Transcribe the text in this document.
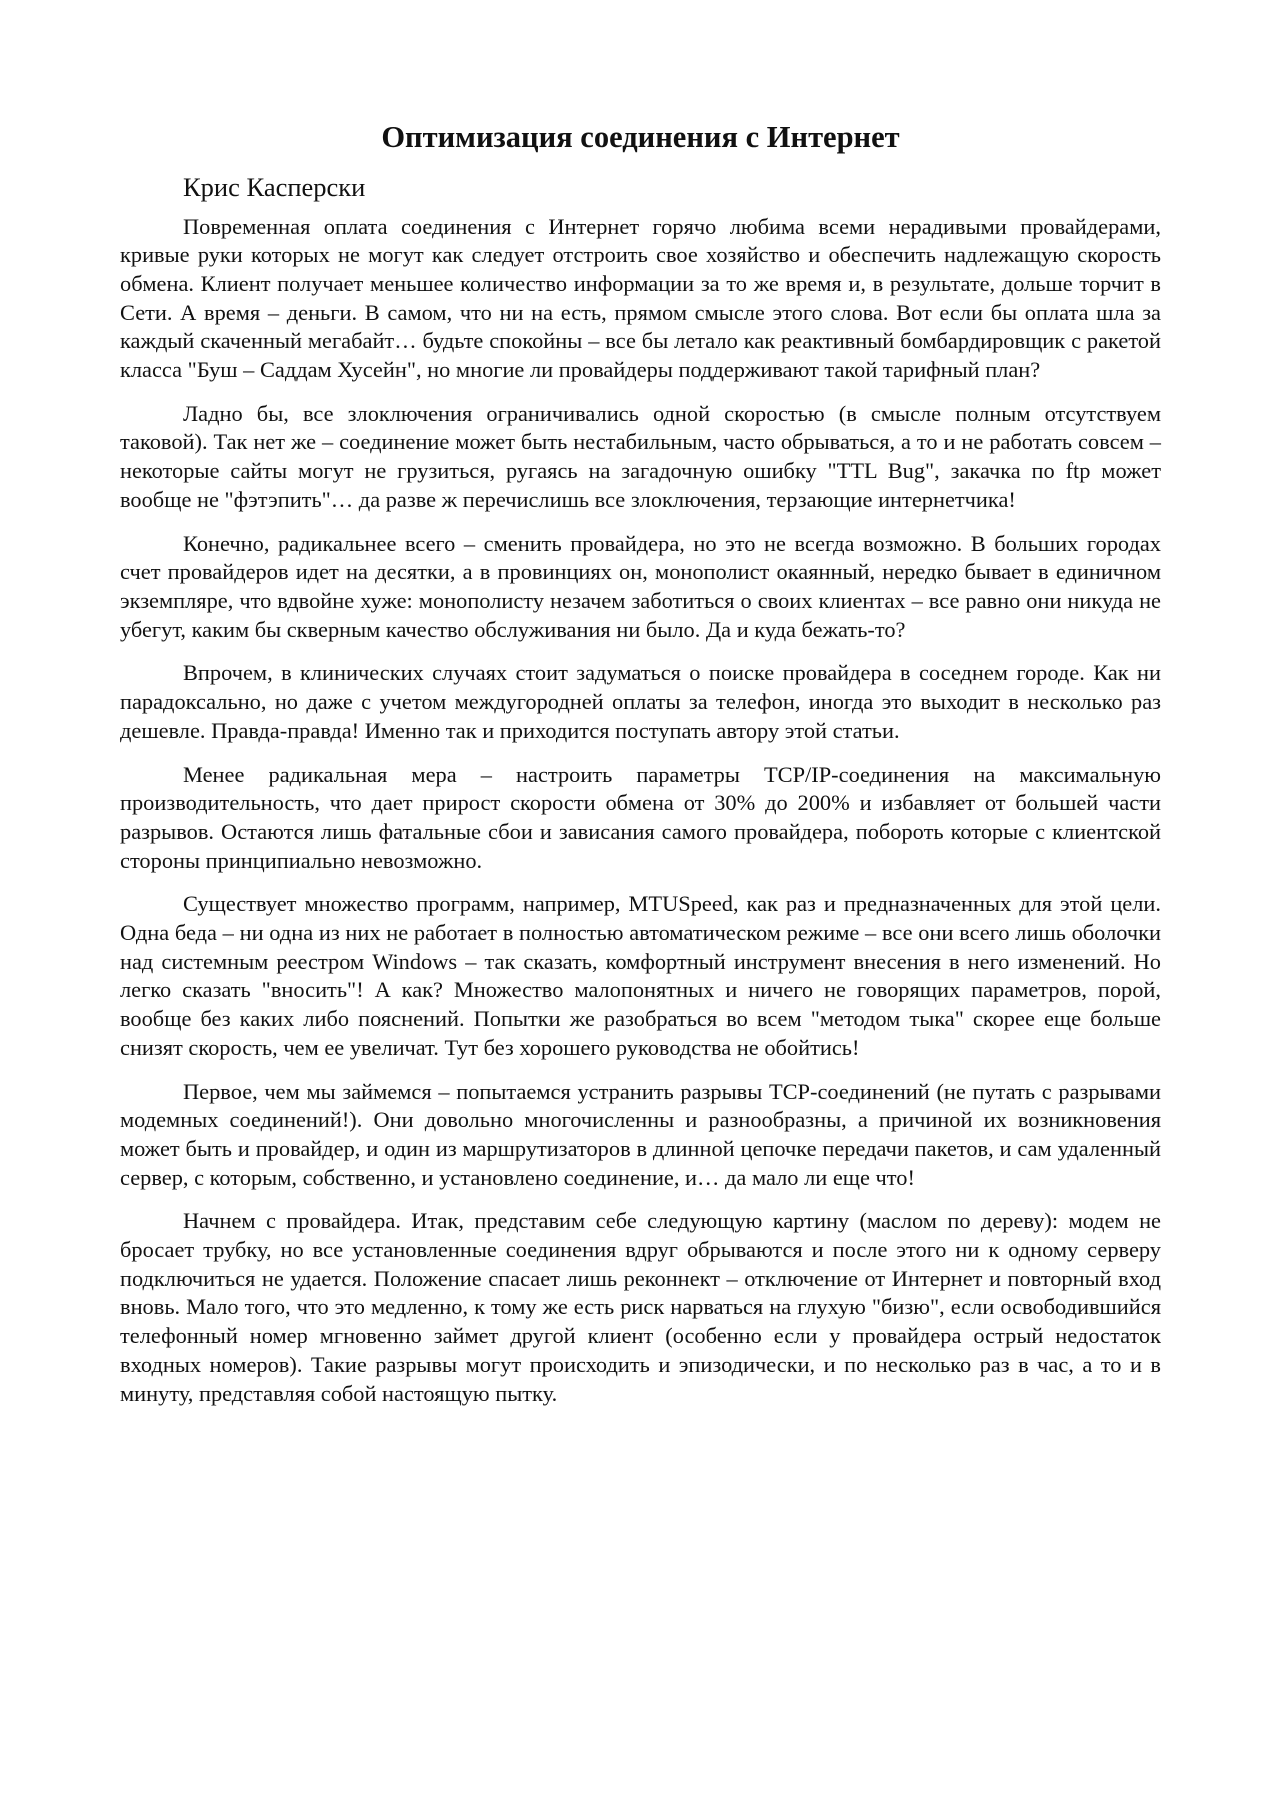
Оптимизация соединения с Интернет
Крис Касперски

Повременная оплата соединения с Интернет горячо любима всеми нерадивыми провайдерами, кривые руки которых не могут как следует отстроить свое хозяйство и обеспечить надлежащую скорость обмена. Клиент получает меньшее количество информации за то же время и, в результате, дольше торчит в Сети. А время – деньги. В самом, что ни на есть, прямом смысле этого слова. Вот если бы оплата шла за каждый скаченный мегабайт… будьте спокойны – все бы летало как реактивный бомбардировщик с ракетой класса "Буш – Саддам Хусейн", но многие ли провайдеры поддерживают такой тарифный план?

Ладно бы, все злоключения ограничивались одной скоростью (в смысле полным отсутствуем таковой). Так нет же – соединение может быть нестабильным, часто обрываться, а то и не работать совсем – некоторые сайты могут не грузиться, ругаясь на загадочную ошибку "TTL Bug", закачка по ftp может вообще не "фэтэпить"… да разве ж перечислишь все злоключения, терзающие интернетчика!

Конечно, радикальнее всего – сменить провайдера, но это не всегда возможно. В больших городах счет провайдеров идет на десятки, а в провинциях он, монополист окаянный, нередко бывает в единичном экземпляре, что вдвойне хуже: монополисту незачем заботиться о своих клиентах – все равно они никуда не убегут, каким бы скверным качество обслуживания ни было. Да и куда бежать-то?

Впрочем, в клинических случаях стоит задуматься о поиске провайдера в соседнем городе. Как ни парадоксально, но даже с учетом междугородней оплаты за телефон, иногда это выходит в несколько раз дешевле. Правда-правда! Именно так и приходится поступать автору этой статьи.

Менее радикальная мера – настроить параметры TCP/IP-соединения на максимальную производительность, что дает прирост скорости обмена от 30% до 200% и избавляет от большей части разрывов. Остаются лишь фатальные сбои и зависания самого провайдера, побороть которые с клиентской стороны принципиально невозможно.

Существует множество программ, например, MTUSpeed, как раз и предназначенных для этой цели. Одна беда – ни одна из них не работает в полностью автоматическом режиме – все они всего лишь оболочки над системным реестром Windows – так сказать, комфортный инструмент внесения в него изменений. Но легко сказать "вносить"! А как? Множество малопонятных и ничего не говорящих параметров, порой, вообще без каких либо пояснений. Попытки же разобраться во всем "методом тыка" скорее еще больше снизят скорость, чем ее увеличат. Тут без хорошего руководства не обойтись!

Первое, чем мы займемся – попытаемся устранить разрывы TCP-соединений (не путать с разрывами модемных соединений!). Они довольно многочисленны и разнообразны, а причиной их возникновения может быть и провайдер, и один из маршрутизаторов в длинной цепочке передачи пакетов, и сам удаленный сервер, с которым, собственно, и установлено соединение, и… да мало ли еще что!

Начнем с провайдера. Итак, представим себе следующую картину (маслом по дереву): модем не бросает трубку, но все установленные соединения вдруг обрываются и после этого ни к одному серверу подключиться не удается. Положение спасает лишь реконнект – отключение от Интернет и повторный вход вновь. Мало того, что это медленно, к тому же есть риск нарваться на глухую "бизю", если освободившийся телефонный номер мгновенно займет другой клиент (особенно если у провайдера острый недостаток входных номеров). Такие разрывы могут происходить и эпизодически, и по несколько раз в час, а то и в минуту, представляя собой настоящую пытку.
